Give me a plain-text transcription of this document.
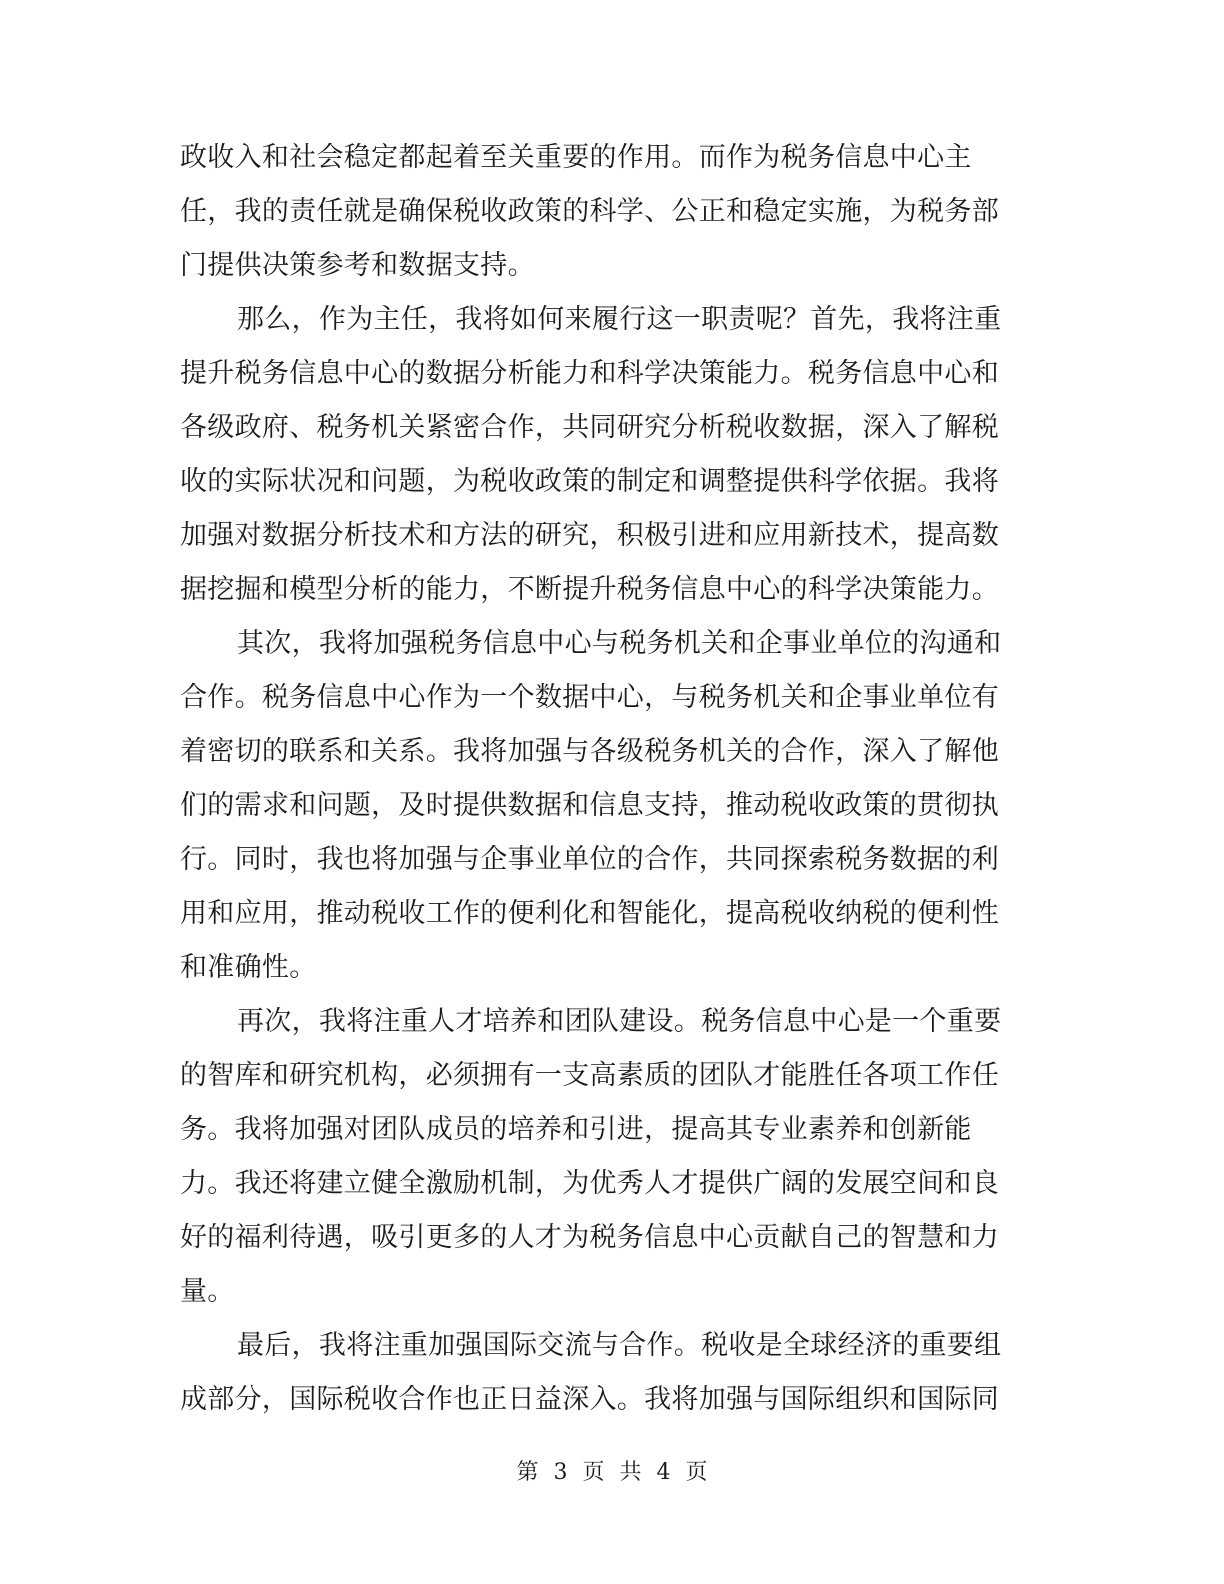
政收入和社会稳定都起着至关重要的作用。而作为税务信息中心主
任，我的责任就是确保税收政策的科学、公正和稳定实施，为税务部
门提供决策参考和数据支持。
那么，作为主任，我将如何来履行这一职责呢？首先，我将注重
提升税务信息中心的数据分析能力和科学决策能力。税务信息中心和
各级政府、税务机关紧密合作，共同研究分析税收数据，深入了解税
收的实际状况和问题，为税收政策的制定和调整提供科学依据。我将
加强对数据分析技术和方法的研究，积极引进和应用新技术，提高数
据挖掘和模型分析的能力，不断提升税务信息中心的科学决策能力。
其次，我将加强税务信息中心与税务机关和企事业单位的沟通和
合作。税务信息中心作为一个数据中心，与税务机关和企事业单位有
着密切的联系和关系。我将加强与各级税务机关的合作，深入了解他
们的需求和问题，及时提供数据和信息支持，推动税收政策的贯彻执
行。同时，我也将加强与企事业单位的合作，共同探索税务数据的利
用和应用，推动税收工作的便利化和智能化，提高税收纳税的便利性
和准确性。
再次，我将注重人才培养和团队建设。税务信息中心是一个重要
的智库和研究机构，必须拥有一支高素质的团队才能胜任各项工作任
务。我将加强对团队成员的培养和引进，提高其专业素养和创新能
力。我还将建立健全激励机制，为优秀人才提供广阔的发展空间和良
好的福利待遇，吸引更多的人才为税务信息中心贡献自己的智慧和力
量。
最后，我将注重加强国际交流与合作。税收是全球经济的重要组
成部分，国际税收合作也正日益深入。我将加强与国际组织和国际同
第 3 页 共 4 页
